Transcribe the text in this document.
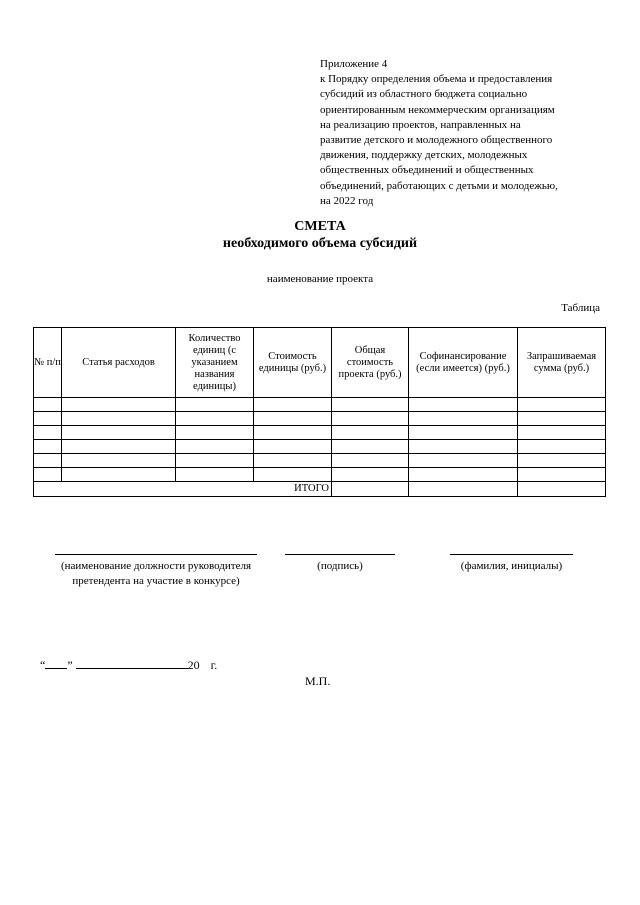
Приложение 4
к Порядку определения объема и предоставления
субсидий из областного бюджета социально
ориентированным некоммерческим организациям
на реализацию проектов, направленных на
развитие детского и молодежного общественного
движения, поддержку детских, молодежных
общественных объединений и общественных
объединений, работающих с детьми и молодежью,
на 2022 год
СМЕТА
необходимого объема субсидий
наименование проекта
Таблица
№ п/п	Статья расходов	Количество единиц (с указанием названия единицы)	Стоимость единицы (руб.)	Общая стоимость проекта (руб.)	Софинансирование (если имеется) (руб.)	Запрашиваемая сумма (руб.)

ИТОГО						
(наименование должности руководителя претендента на участие в конкурсе)
(подпись)	(фамилия, инициалы)
“ ”	20 г.
М.П.
